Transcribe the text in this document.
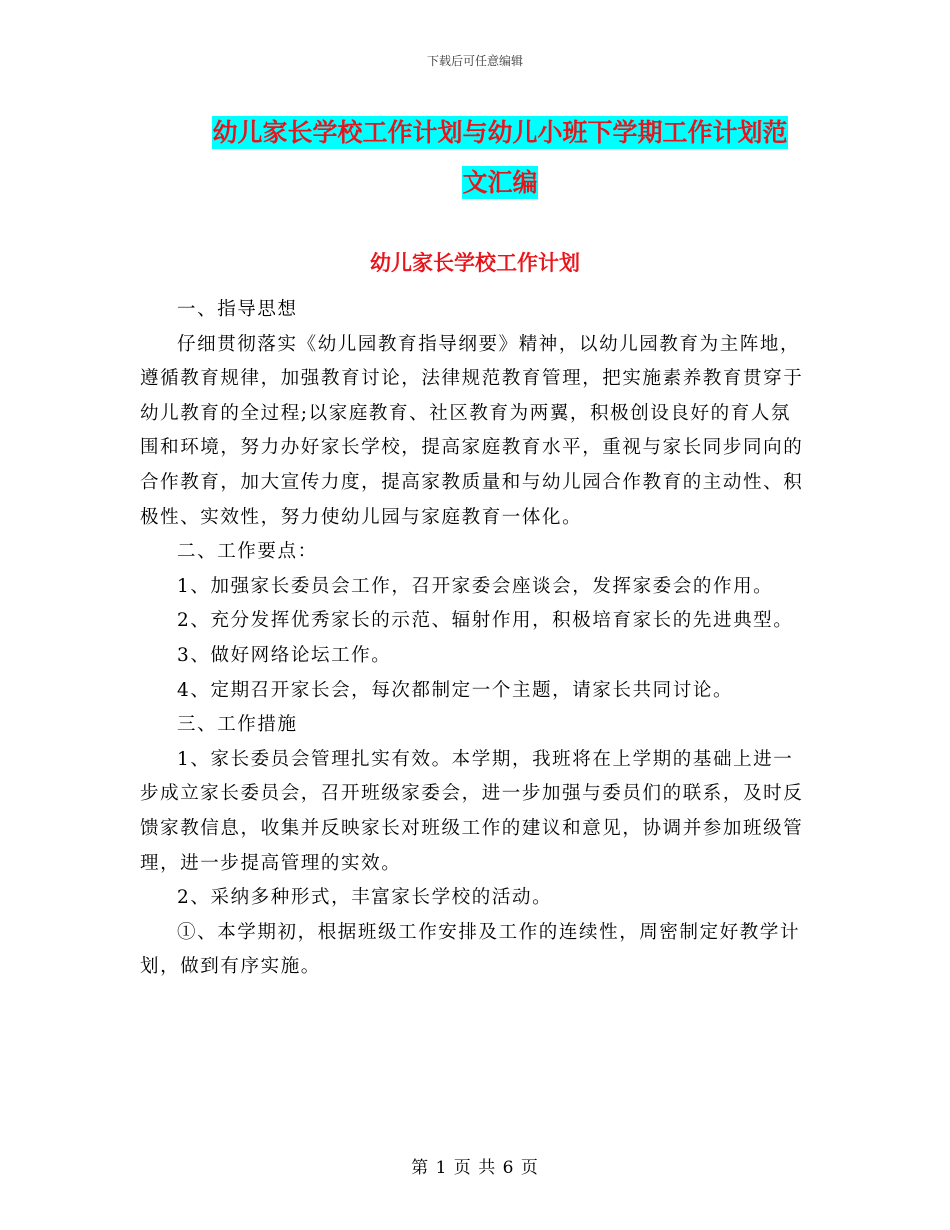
下载后可任意编辑
幼儿家长学校工作计划与幼儿小班下学期工作计划范
文汇编
幼儿家长学校工作计划

一、指导思想

仔细贯彻落实《幼儿园教育指导纲要》精神，以幼儿园教育为主阵地，遵循教育规律，加强教育讨论，法律规范教育管理，把实施素养教育贯穿于幼儿教育的全过程;以家庭教育、社区教育为两翼，积极创设良好的育人氛围和环境，努力办好家长学校，提高家庭教育水平，重视与家长同步同向的合作教育，加大宣传力度，提高家教质量和与幼儿园合作教育的主动性、积极性、实效性，努力使幼儿园与家庭教育一体化。

二、工作要点：

1、加强家长委员会工作，召开家委会座谈会，发挥家委会的作用。

2、充分发挥优秀家长的示范、辐射作用，积极培育家长的先进典型。

3、做好网络论坛工作。

4、定期召开家长会，每次都制定一个主题，请家长共同讨论。

三、工作措施

1、家长委员会管理扎实有效。本学期，我班将在上学期的基础上进一步成立家长委员会，召开班级家委会，进一步加强与委员们的联系，及时反馈家教信息，收集并反映家长对班级工作的建议和意见，协调并参加班级管理，进一步提高管理的实效。

2、采纳多种形式，丰富家长学校的活动。

①、本学期初，根据班级工作安排及工作的连续性，周密制定好教学计划，做到有序实施。

第 1 页 共 6 页
